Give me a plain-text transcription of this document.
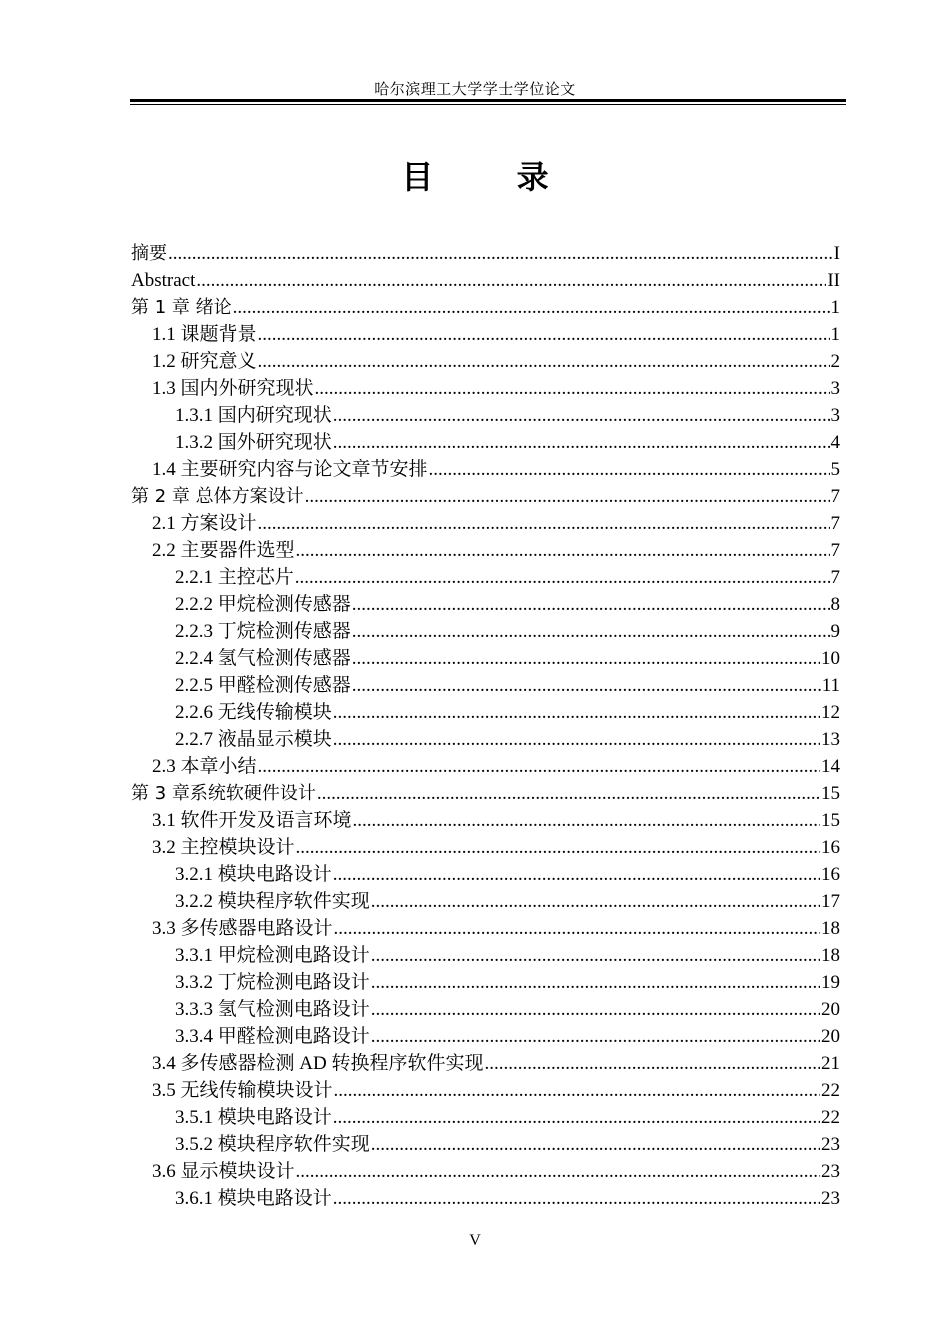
哈尔滨理工大学学士学位论文
目 录
摘要 .....	I
Abstract .....	II
第 1 章 绪论 .....	1
1.1 课题背景 .....	1
1.2 研究意义 .....	2
1.3 国内外研究现状 .....	3
1.3.1 国内研究现状 .....	3
1.3.2 国外研究现状 .....	4
1.4 主要研究内容与论文章节安排 .....	5
第 2 章 总体方案设计 .....	7
2.1 方案设计 .....	7
2.2 主要器件选型 .....	7
2.2.1 主控芯片 .....	7
2.2.2 甲烷检测传感器 .....	8
2.2.3 丁烷检测传感器 .....	9
2.2.4 氢气检测传感器 .....	10
2.2.5 甲醛检测传感器 .....	11
2.2.6 无线传输模块 .....	12
2.2.7 液晶显示模块 .....	13
2.3 本章小结 .....	14
第 3 章系统软硬件设计 .....	15
3.1 软件开发及语言环境 .....	15
3.2 主控模块设计 .....	16
3.2.1 模块电路设计 .....	16
3.2.2 模块程序软件实现 .....	17
3.3 多传感器电路设计 .....	18
3.3.1 甲烷检测电路设计 .....	18
3.3.2 丁烷检测电路设计 .....	19
3.3.3 氢气检测电路设计 .....	20
3.3.4 甲醛检测电路设计 .....	20
3.4 多传感器检测 AD 转换程序软件实现 .....	21
3.5 无线传输模块设计 .....	22
3.5.1 模块电路设计 .....	22
3.5.2 模块程序软件实现 .....	23
3.6 显示模块设计 .....	23
3.6.1 模块电路设计 .....	23
V
